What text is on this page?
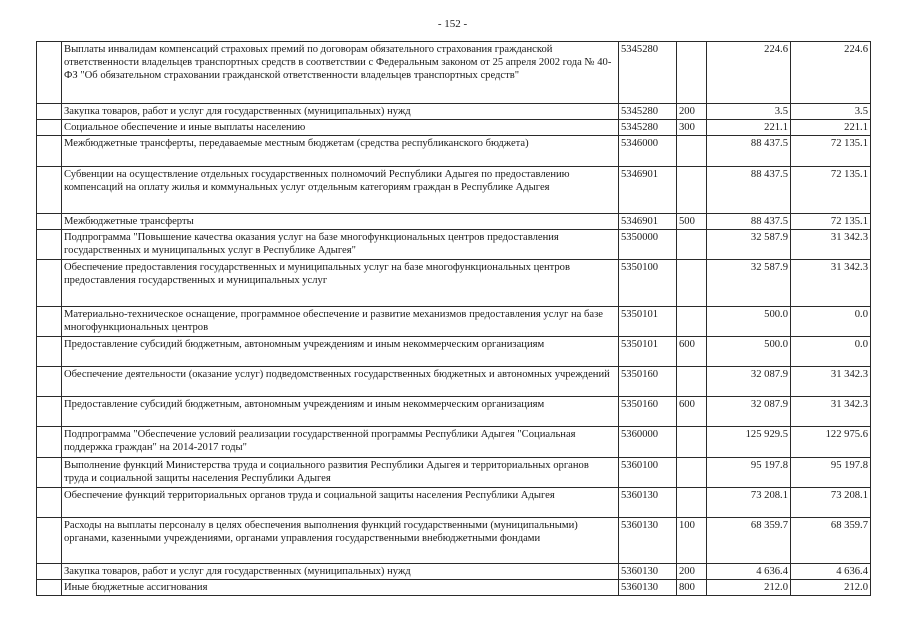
- 152 -
	Выплаты инвалидам компенсаций страховых премий по договорам обязательного страхования гражданской ответственности владельцев транспортных средств в соответствии с Федеральным законом от 25 апреля 2002 года № 40-ФЗ "Об обязательном страховании гражданской ответственности владельцев транспортных средств"	5345280		224.6	224.6
	Закупка товаров, работ и услуг для государственных (муниципальных) нужд	5345280	200	3.5	3.5
	Социальное обеспечение и иные выплаты населению	5345280	300	221.1	221.1
	Межбюджетные трансферты, передаваемые местным бюджетам (средства республиканского бюджета)	5346000		88 437.5	72 135.1
	Субвенции на осуществление отдельных государственных полномочий Республики Адыгея по предоставлению компенсаций на оплату жилья и коммунальных услуг отдельным категориям граждан в Республике Адыгея	5346901		88 437.5	72 135.1
	Межбюджетные трансферты	5346901	500	88 437.5	72 135.1
	Подпрограмма "Повышение качества оказания услуг на базе многофункциональных центров предоставления государственных и муниципальных услуг в Республике Адыгея"	5350000		32 587.9	31 342.3
	Обеспечение предоставления государственных и муниципальных услуг на базе многофункциональных центров предоставления государственных и муниципальных услуг	5350100		32 587.9	31 342.3
	Материально-техническое оснащение, программное обеспечение и развитие механизмов предоставления услуг на базе многофункциональных центров	5350101		500.0	0.0
	Предоставление субсидий бюджетным, автономным учреждениям и иным некоммерческим организациям	5350101	600	500.0	0.0
	Обеспечение деятельности (оказание услуг) подведомственных государственных бюджетных и автономных учреждений	5350160		32 087.9	31 342.3
	Предоставление субсидий бюджетным, автономным учреждениям и иным некоммерческим организациям	5350160	600	32 087.9	31 342.3
	Подпрограмма "Обеспечение условий реализации государственной программы Республики Адыгея "Социальная поддержка граждан" на 2014-2017 годы"	5360000		125 929.5	122 975.6
	Выполнение функций Министерства труда и социального развития Республики Адыгея и территориальных органов труда и социальной защиты населения Республики Адыгея	5360100		95 197.8	95 197.8
	Обеспечение функций территориальных органов труда и социальной защиты населения Республики Адыгея	5360130		73 208.1	73 208.1
	Расходы на выплаты персоналу в целях обеспечения выполнения функций государственными (муниципальными) органами, казенными учреждениями, органами управления государственными внебюджетными фондами	5360130	100	68 359.7	68 359.7
	Закупка товаров, работ и услуг для государственных (муниципальных) нужд	5360130	200	4 636.4	4 636.4
	Иные бюджетные ассигнования	5360130	800	212.0	212.0
